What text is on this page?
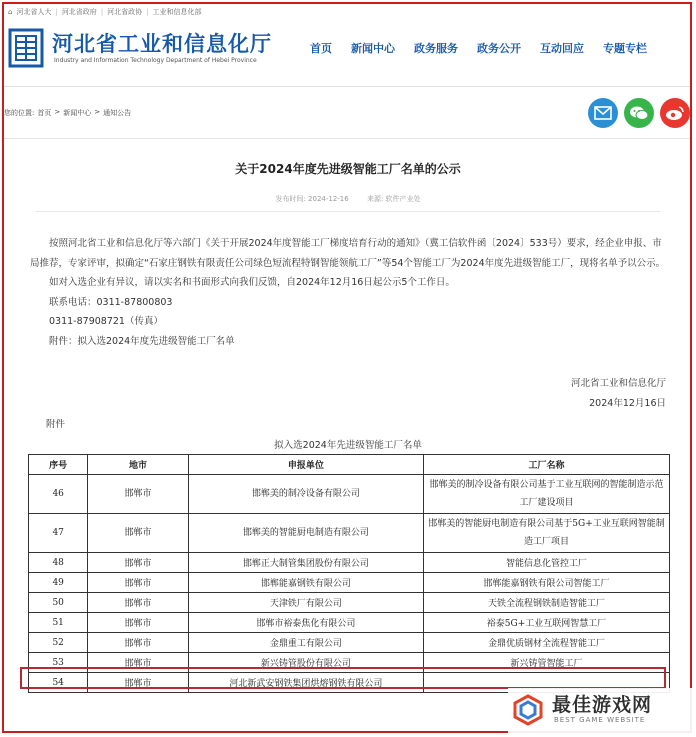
⌂ 河北省人大 | 河北省政府 | 河北省政协 | 工业和信息化部
河北省工业和信息化厅
Industry and Information Technology Department of Hebei Province
首页 新闻中心 政务服务 政务公开 互动回应 专题专栏
您的位置: 首页 > 新闻中心 > 通知公告
关于2024年度先进级智能工厂名单的公示
发布时间: 2024-12-16	来源: 软件产业处

按照河北省工业和信息化厅等六部门《关于开展2024年度智能工厂梯度培育行动的通知》（冀工信软件函〔2024〕533号）要求，经企业申报、市局推荐，专家评审，拟确定“石家庄钢铁有限责任公司绿色短流程特钢智能领航工厂”等54个智能工厂为2024年度先进级智能工厂，现将名单予以公示。

如对入选企业有异议，请以实名和书面形式向我们反馈，自2024年12月16日起公示5个工作日。

联系电话：0311-87800803

0311-87908721（传真）

附件：拟入选2024年度先进级智能工厂名单

河北省工业和信息化厅
2024年12月16日
附件
拟入选2024年先进级智能工厂名单
序号	地市	申报单位	工厂名称
46	邯郸市	邯郸美的制冷设备有限公司	邯郸美的制冷设备有限公司基于工业互联网的智能制造示范工厂建设项目
47	邯郸市	邯郸美的智能厨电制造有限公司	邯郸美的智能厨电制造有限公司基于5G+工业互联网智能制造工厂项目
48	邯郸市	邯郸正大制管集团股份有限公司	智能信息化管控工厂
49	邯郸市	邯郸能嘉钢铁有限公司	邯郸能嘉钢铁有限公司智能工厂
50	邯郸市	天津铁厂有限公司	天铁全流程钢铁制造智能工厂
51	邯郸市	邯郸市裕泰焦化有限公司	裕泰5G+工业互联网智慧工厂
52	邯郸市	金鼎重工有限公司	金鼎优质钢材全流程智能工厂
53	邯郸市	新兴铸管股份有限公司	新兴铸管智能工厂
54	邯郸市	河北新武安钢铁集团烘熔钢铁有限公司	
最佳游戏网
BEST GAME WEBSITE
